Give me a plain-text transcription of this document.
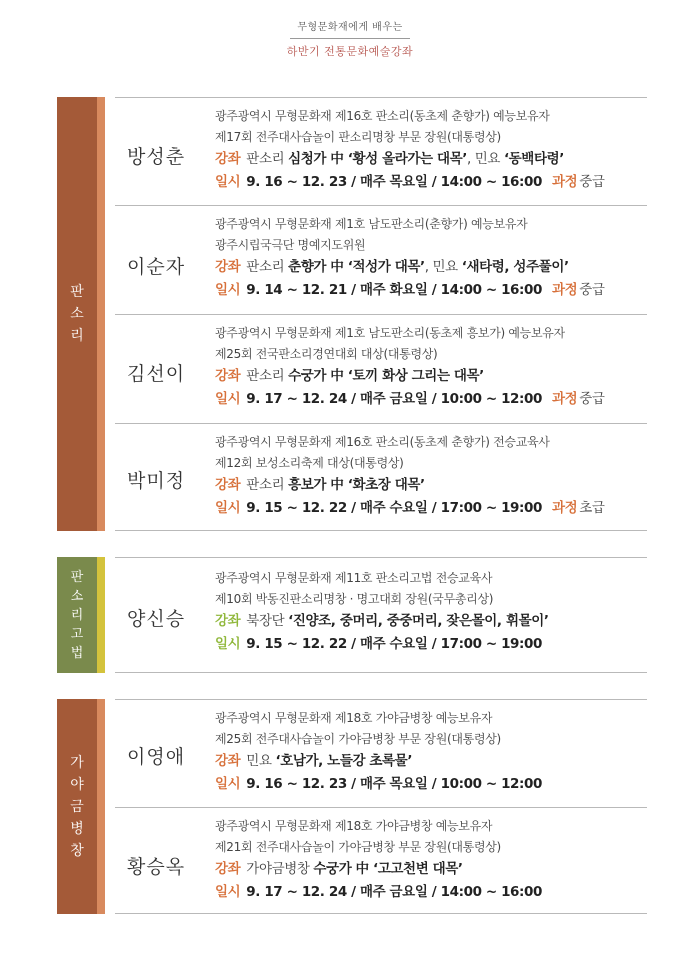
무형문화재에게 배우는
하반기 전통문화예술강좌
판소리
방성춘
광주광역시 무형문화재 제16호 판소리(동초제 춘향가) 예능보유자
제17회 전주대사습놀이 판소리명창 부문 장원(대통령상)
강좌 판소리 심청가 中 ‘황성 올라가는 대목’, 민요 ‘동백타령’
일시 9. 16 ~ 12. 23 / 매주 목요일 / 14:00 ~ 16:00 과정 중급
이순자
광주광역시 무형문화재 제1호 남도판소리(춘향가) 예능보유자
광주시립국극단 명예지도위원
강좌 판소리 춘향가 中 ‘적성가 대목’, 민요 ‘새타령, 성주풀이’
일시 9. 14 ~ 12. 21 / 매주 화요일 / 14:00 ~ 16:00 과정 중급
김선이
광주광역시 무형문화재 제1호 남도판소리(동초제 흥보가) 예능보유자
제25회 전국판소리경연대회 대상(대통령상)
강좌 판소리 수궁가 中 ‘토끼 화상 그리는 대목’
일시 9. 17 ~ 12. 24 / 매주 금요일 / 10:00 ~ 12:00 과정 중급
박미정
광주광역시 무형문화재 제16호 판소리(동초제 춘향가) 전승교육사
제12회 보성소리축제 대상(대통령상)
강좌 판소리 흥보가 中 ‘화초장 대목’
일시 9. 15 ~ 12. 22 / 매주 수요일 / 17:00 ~ 19:00 과정 초급
판소리고법
양신승
광주광역시 무형문화재 제11호 판소리고법 전승교육사
제10회 박동진판소리명창 · 명고대회 장원(국무총리상)
강좌 북장단 ‘진양조, 중머리, 중중머리, 잦은몰이, 휘몰이’
일시 9. 15 ~ 12. 22 / 매주 수요일 / 17:00 ~ 19:00
가야금병창
이영애
광주광역시 무형문화재 제18호 가야금병창 예능보유자
제25회 전주대사습놀이 가야금병창 부문 장원(대통령상)
강좌 민요 ‘호남가, 노들강 초록물’
일시 9. 16 ~ 12. 23 / 매주 목요일 / 10:00 ~ 12:00
황승옥
광주광역시 무형문화재 제18호 가야금병창 예능보유자
제21회 전주대사습놀이 가야금병창 부문 장원(대통령상)
강좌 가야금병창 수궁가 中 ‘고고천변 대목’
일시 9. 17 ~ 12. 24 / 매주 금요일 / 14:00 ~ 16:00
